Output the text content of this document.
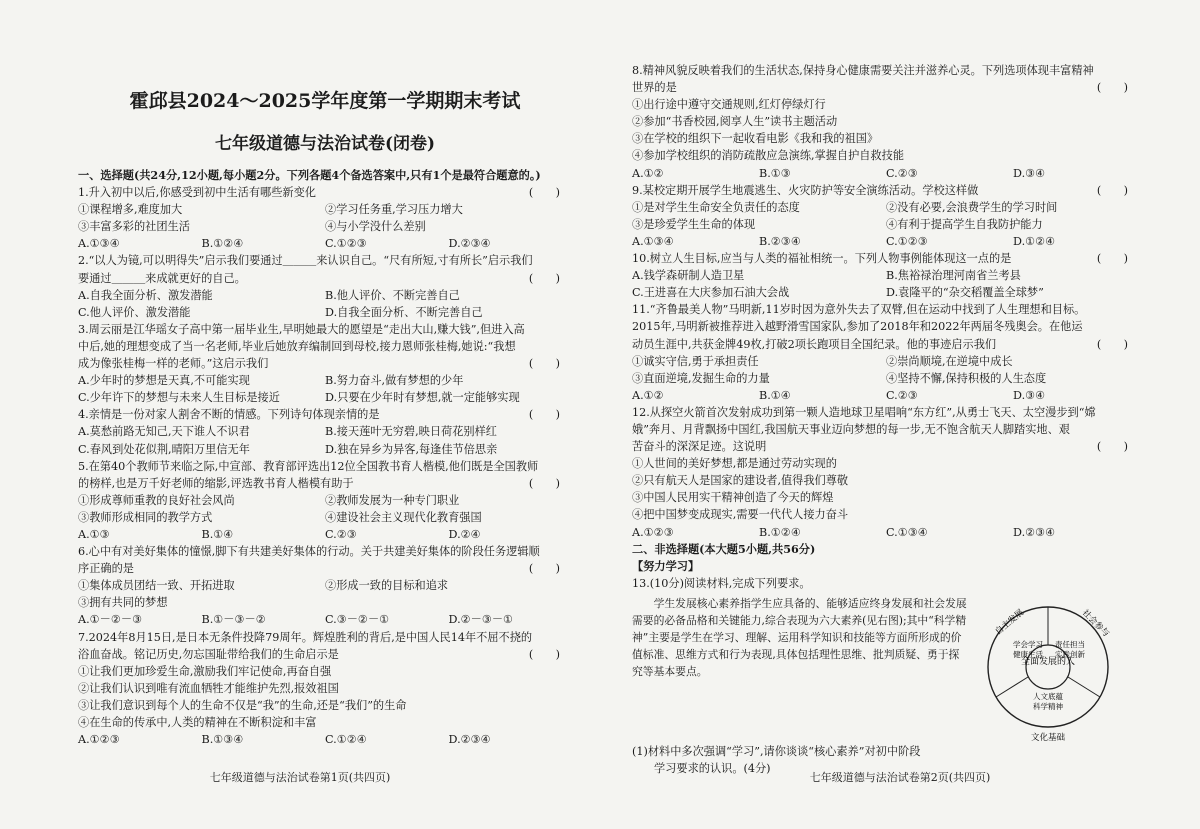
霍邱县2024～2025学年度第一学期期末考试
七年级道德与法治试卷(闭卷)
一、选择题(共24分,12小题,每小题2分。下列各题4个备选答案中,只有1个是最符合题意的。)
(　　)
1.升入初中以后,你感受到初中生活有哪些新变化
①课程增多,难度加大	②学习任务重,学习压力增大
③丰富多彩的社团生活	④与小学没什么差别
A.①③④	B.①②④	C.①②③	D.②③④
2.“以人为镜,可以明得失”启示我们要通过＿＿＿来认识自己。“尺有所短,寸有所长”启示我们
(　　)
要通过＿＿＿来成就更好的自己。
A.自我全面分析、激发潜能	B.他人评价、不断完善自己
C.他人评价、激发潜能	D.自我全面分析、不断完善自己
3.周云丽是江华瑶女子高中第一届毕业生,早明她最大的愿望是“走出大山,赚大钱”,但进入高
中后,她的理想变成了当一名老师,毕业后她放弃编制回到母校,接力恩师张桂梅,她说:“我想
(　　)
成为像张桂梅一样的老师。”这启示我们
A.少年时的梦想是天真,不可能实现	B.努力奋斗,做有梦想的少年
C.少年许下的梦想与未来人生目标是接近	D.只要在少年时有梦想,就一定能够实现
(　　)
4.亲情是一份对家人割舍不断的情感。下列诗句体现亲情的是
A.莫愁前路无知己,天下谁人不识君	B.接天莲叶无穷碧,映日荷花别样红
C.春风到处花似荆,晴阳万里信无年	D.独在异乡为异客,每逢佳节倍思亲
5.在第40个教师节来临之际,中宣部、教育部评选出12位全国教书育人楷模,他们既是全国教师
(　　)
的榜样,也是万千好老师的缩影,评选教书育人楷模有助于
①形成尊师重教的良好社会风尚	②教师发展为一种专门职业
③教师形成相同的教学方式	④建设社会主义现代化教育强国
A.①③	B.①④	C.②③	D.②④
6.心中有对美好集体的憧憬,脚下有共建美好集体的行动。关于共建美好集体的阶段任务逻辑顺
(　　)
序正确的是
①集体成员团结一致、开拓进取	②形成一致的目标和追求
③拥有共同的梦想
A.①－②－③	B.①－③－②	C.③－②－①	D.②－③－①
7.2024年8月15日,是日本无条件投降79周年。辉煌胜利的背后,是中国人民14年不屈不挠的
(　　)
浴血奋战。铭记历史,勿忘国耻带给我们的生命启示是
①让我们更加珍爱生命,激励我们牢记使命,再奋自强
②让我们认识到唯有流血牺牲才能维护先烈,报效祖国
③让我们意识到每个人的生命不仅是“我”的生命,还是“我们”的生命
④在生命的传承中,人类的精神在不断积淀和丰富
A.①②③	B.①③④	C.①②④	D.②③④
七年级道德与法治试卷第1页(共四页)
8.精神风貌反映着我们的生活状态,保持身心健康需要关注并滋养心灵。下列选项体现丰富精神
(　　)
世界的是
①出行途中遵守交通规则,红灯停绿灯行
②参加“书香校园,阅享人生”读书主题活动
③在学校的组织下一起收看电影《我和我的祖国》
④参加学校组织的消防疏散应急演练,掌握自护自救技能
A.①②	B.①③	C.②③	D.③④
(　　)
9.某校定期开展学生地震逃生、火灾防护等安全演练活动。学校这样做
①是对学生生命安全负责任的态度	②没有必要,会浪费学生的学习时间
③是珍爱学生生命的体现	④有利于提高学生自我防护能力
A.①③④	B.②③④	C.①②③	D.①②④
(　　)
10.树立人生目标,应当与人类的福祉相统一。下列人物事例能体现这一点的是
A.钱学森研制人造卫星	B.焦裕禄治理河南省兰考县
C.王进喜在大庆参加石油大会战	D.袁隆平的“杂交稻覆盖全球梦”
11.“齐鲁最美人物”马明新,11岁时因为意外失去了双臂,但在运动中找到了人生理想和目标。
2015年,马明新被推荐进入越野滑雪国家队,参加了2018年和2022年两届冬残奥会。在他运
(　　)
动员生涯中,共获金牌49枚,打破2项长跑项目全国纪录。他的事迹启示我们
①诚实守信,勇于承担责任	②崇尚顺境,在逆境中成长
③直面逆境,发掘生命的力量	④坚持不懈,保持积极的人生态度
A.①②	B.①④	C.②③	D.③④
12.从探空火箭首次发射成功到第一颗人造地球卫星唱响“东方红”,从勇士飞天、太空漫步到“嫦
娥”奔月、月背飘扬中国红,我国航天事业迈向梦想的每一步,无不饱含航天人脚踏实地、艰
(　　)
苦奋斗的深深足迹。这说明
①人世间的美好梦想,都是通过劳动实现的
②只有航天人是国家的建设者,值得我们尊敬
③中国人民用实干精神创造了今天的辉煌
④把中国梦变成现实,需要一代代人接力奋斗
A.①②③	B.①②④	C.①③④	D.②③④
二、非选择题(本大题5小题,共56分)
【努力学习】
13.(10分)阅读材料,完成下列要求。
学生发展核心素养指学生应具备的、能够适应终身发展和社会发展需要的必备品格和关键能力,综合表现为六大素养(见右图);其中“科学精神”主要是学生在学习、理解、运用科学知识和技能等方面所形成的价值标准、思维方式和行为表现,具体包括理性思维、批判质疑、勇于探究等基本要点。
全面发展的人
自主发展	社会参与
文化基础
学会学习
健康生活
责任担当
实践创新
人文底蕴
科学精神
(1)材料中多次强调“学习”,请你谈谈“核心素养”对初中阶段
学习要求的认识。(4分)
七年级道德与法治试卷第2页(共四页)
